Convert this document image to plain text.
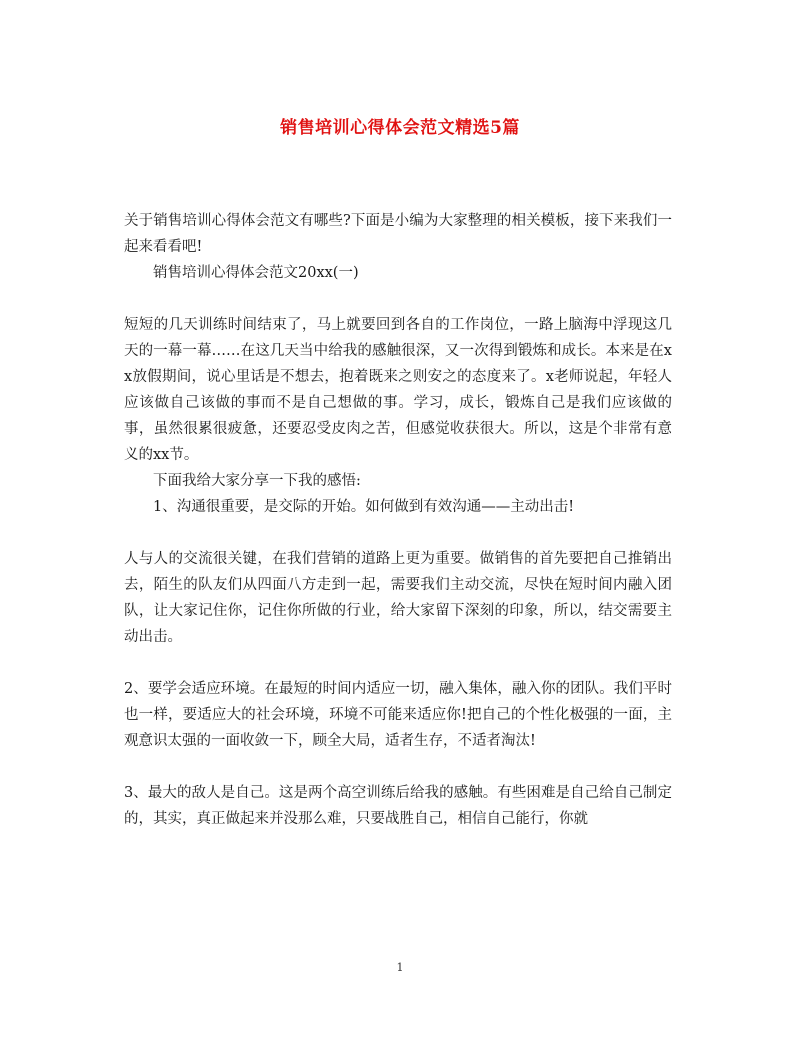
销售培训心得体会范文精选5篇

关于销售培训心得体会范文有哪些?下面是小编为大家整理的相关模板，接下来我们一起来看看吧!

销售培训心得体会范文20xx(一)

短短的几天训练时间结束了，马上就要回到各自的工作岗位，一路上脑海中浮现这几天的一幕一幕……在这几天当中给我的感触很深，又一次得到锻炼和成长。本来是在xx放假期间，说心里话是不想去，抱着既来之则安之的态度来了。x老师说起，年轻人应该做自己该做的事而不是自己想做的事。学习，成长，锻炼自己是我们应该做的事，虽然很累很疲惫，还要忍受皮肉之苦，但感觉收获很大。所以，这是个非常有意义的xx节。

下面我给大家分享一下我的感悟:

1、沟通很重要，是交际的开始。如何做到有效沟通——主动出击!

人与人的交流很关键，在我们营销的道路上更为重要。做销售的首先要把自己推销出去，陌生的队友们从四面八方走到一起，需要我们主动交流，尽快在短时间内融入团队，让大家记住你，记住你所做的行业，给大家留下深刻的印象，所以，结交需要主动出击。

2、要学会适应环境。在最短的时间内适应一切，融入集体，融入你的团队。我们平时也一样，要适应大的社会环境，环境不可能来适应你!把自己的个性化极强的一面，主观意识太强的一面收敛一下，顾全大局，适者生存，不适者淘汰!

3、最大的敌人是自己。这是两个高空训练后给我的感触。有些困难是自己给自己制定的，其实，真正做起来并没那么难，只要战胜自己，相信自己能行，你就

1
